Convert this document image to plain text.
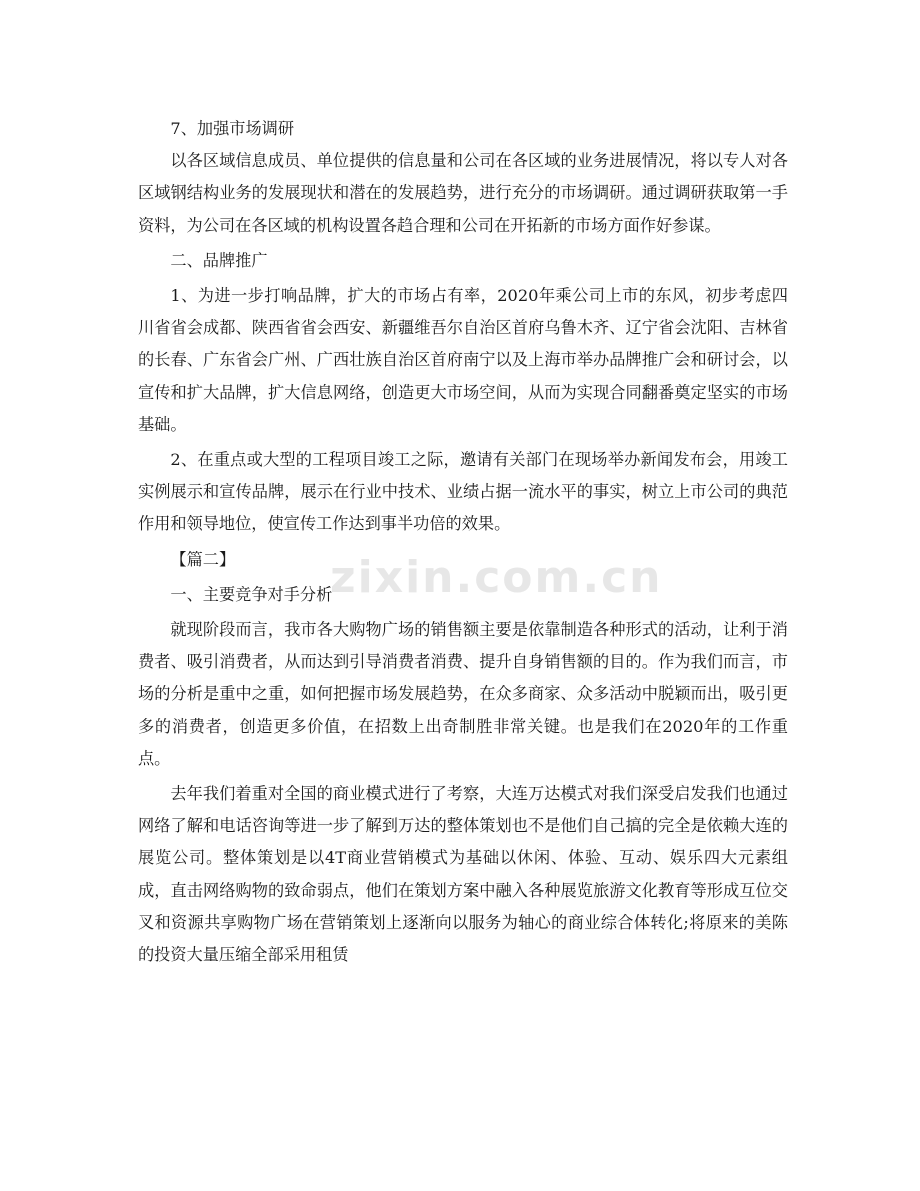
7、加强市场调研

以各区域信息成员、单位提供的信息量和公司在各区域的业务进展情况，将以专人对各区域钢结构业务的发展现状和潜在的发展趋势，进行充分的市场调研。通过调研获取第一手资料，为公司在各区域的机构设置各趋合理和公司在开拓新的市场方面作好参谋。

二、品牌推广

1、为进一步打响品牌，扩大的市场占有率，2020年乘公司上市的东风，初步考虑四川省省会成都、陕西省省会西安、新疆维吾尔自治区首府乌鲁木齐、辽宁省会沈阳、吉林省的长春、广东省会广州、广西壮族自治区首府南宁以及上海市举办品牌推广会和研讨会，以宣传和扩大品牌，扩大信息网络，创造更大市场空间，从而为实现合同翻番奠定坚实的市场基础。

2、在重点或大型的工程项目竣工之际，邀请有关部门在现场举办新闻发布会，用竣工实例展示和宣传品牌，展示在行业中技术、业绩占据一流水平的事实，树立上市公司的典范作用和领导地位，使宣传工作达到事半功倍的效果。

【篇二】

一、主要竞争对手分析

就现阶段而言，我市各大购物广场的销售额主要是依靠制造各种形式的活动，让利于消费者、吸引消费者，从而达到引导消费者消费、提升自身销售额的目的。作为我们而言，市场的分析是重中之重，如何把握市场发展趋势，在众多商家、众多活动中脱颖而出，吸引更多的消费者，创造更多价值，在招数上出奇制胜非常关键。也是我们在2020年的工作重点。

去年我们着重对全国的商业模式进行了考察，大连万达模式对我们深受启发我们也通过网络了解和电话咨询等进一步了解到万达的整体策划也不是他们自己搞的完全是依赖大连的展览公司。整体策划是以4T商业营销模式为基础以休闲、体验、互动、娱乐四大元素组成，直击网络购物的致命弱点，他们在策划方案中融入各种展览旅游文化教育等形成互位交叉和资源共享购物广场在营销策划上逐渐向以服务为轴心的商业综合体转化;将原来的美陈的投资大量压缩全部采用租赁

zixin.com.cn
